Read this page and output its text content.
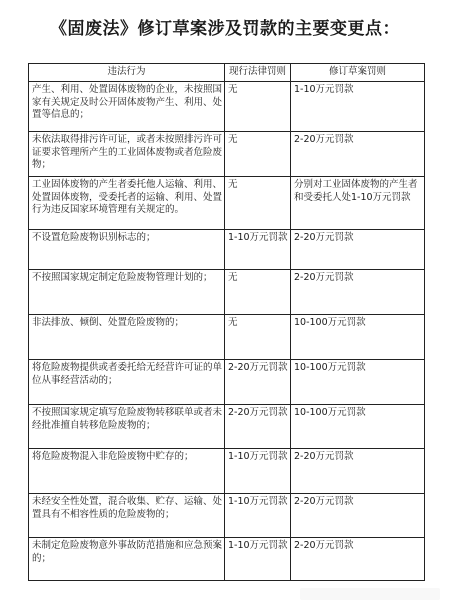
《固废法》修订草案涉及罚款的主要变更点：
违法行为	现行法律罚则	修订草案罚则
产生、利用、处置固体废物的企业，未按照国家有关规定及时公开固体废物产生、利用、处置等信息的；	无	1-10万元罚款
未依法取得排污许可证，或者未按照排污许可证要求管理所产生的工业固体废物或者危险废物；	无	2-20万元罚款
工业固体废物的产生者委托他人运输、利用、处置固体废物，受委托者的运输、利用、处置行为违反国家环境管理有关规定的。	无	分别对工业固体废物的产生者和受委托人处1-10万元罚款
不设置危险废物识别标志的；	1-10万元罚款	2-20万元罚款
不按照国家规定制定危险废物管理计划的；	无	2-20万元罚款
非法排放、倾倒、处置危险废物的；	无	10-100万元罚款
将危险废物提供或者委托给无经营许可证的单位从事经营活动的；	2-20万元罚款	10-100万元罚款
不按照国家规定填写危险废物转移联单或者未经批准擅自转移危险废物的；	2-20万元罚款	10-100万元罚款
将危险废物混入非危险废物中贮存的；	1-10万元罚款	2-20万元罚款
未经安全性处置，混合收集、贮存、运输、处置具有不相容性质的危险废物的；	1-10万元罚款	2-20万元罚款
未制定危险废物意外事故防范措施和应急预案的；	1-10万元罚款	2-20万元罚款
